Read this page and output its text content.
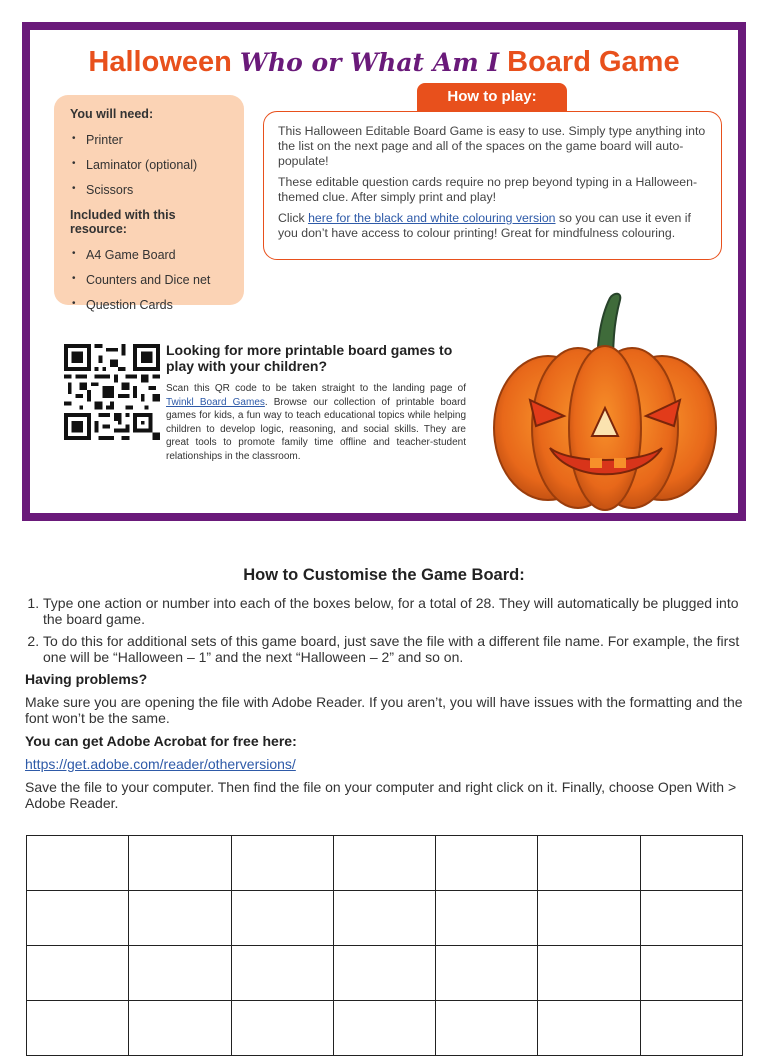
Halloween Who or What Am I Board Game
You will need:
• Printer
• Laminator (optional)
• Scissors
Included with this resource:
• A4 Game Board
• Counters and Dice net
• Question Cards
How to play:

This Halloween Editable Board Game is easy to use. Simply type anything into the list on the next page and all of the spaces on the game board will auto-populate!

These editable question cards require no prep beyond typing in a Halloween-themed clue. After simply print and play!

Click here for the black and white colouring version so you can use it even if you don’t have access to colour printing! Great for mindfulness colouring.

Looking for more printable board games to play with your children?

Scan this QR code to be taken straight to the landing page of Twinkl Board Games. Browse our collection of printable board games for kids, a fun way to teach educational topics while helping children to develop logic, reasoning, and social skills. They are great tools to promote family time offline and teacher-student relationships in the classroom.

How to Customise the Game Board:
1. Type one action or number into each of the boxes below, for a total of 28. They will automatically be plugged into the board game.
2. To do this for additional sets of this game board, just save the file with a different file name. For example, the first one will be “Halloween – 1” and the next “Halloween – 2” and so on.

Having problems?

Make sure you are opening the file with Adobe Reader. If you aren’t, you will have issues with the formatting and the font won’t be the same.

You can get Adobe Acrobat for free here:

https://get.adobe.com/reader/otherversions/

Save the file to your computer. Then find the file on your computer and right click on it. Finally, choose Open With > Adobe Reader.
